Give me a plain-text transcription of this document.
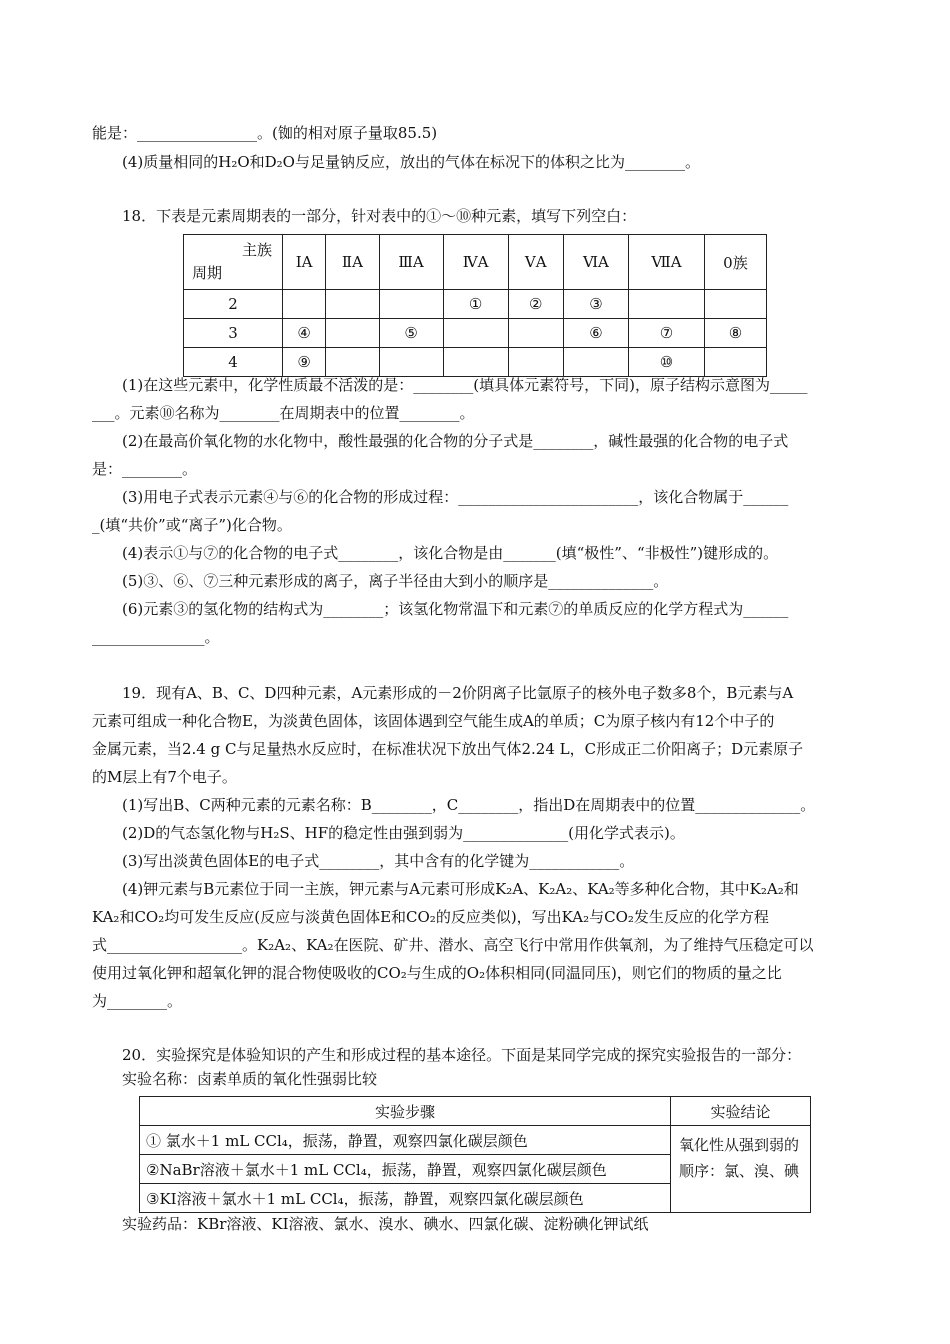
能是：________________。(铷的相对原子量取85.5)
(4)质量相同的H₂O和D₂O与足量钠反应，放出的气体在标况下的体积之比为________。
18．下表是元素周期表的一部分，针对表中的①～⑩种元素，填写下列空白：
主族
周期	ⅠA	ⅡA	ⅢA	ⅣA	ⅤA	ⅥA	ⅦA	0族
2				①	②	③		
3	④		⑤			⑥	⑦	⑧
4	⑨						⑩	
(1)在这些元素中，化学性质最不活泼的是：________(填具体元素符号，下同)，原子结构示意图为_____
___。元素⑩名称为________在周期表中的位置________。
(2)在最高价氧化物的水化物中，酸性最强的化合物的分子式是________，碱性最强的化合物的电子式
是：________。
(3)用电子式表示元素④与⑥的化合物的形成过程：________________________，该化合物属于______
_(填“共价”或“离子”)化合物。
(4)表示①与⑦的化合物的电子式________，该化合物是由_______(填“极性”、“非极性”)键形成的。
(5)③、⑥、⑦三种元素形成的离子，离子半径由大到小的顺序是______________。
(6)元素③的氢化物的结构式为________；该氢化物常温下和元素⑦的单质反应的化学方程式为______
_______________。
19．现有A、B、C、D四种元素，A元素形成的－2价阴离子比氩原子的核外电子数多8个，B元素与A
元素可组成一种化合物E，为淡黄色固体，该固体遇到空气能生成A的单质；C为原子核内有12个中子的
金属元素，当2.4 g C与足量热水反应时，在标准状况下放出气体2.24 L，C形成正二价阳离子；D元素原子
的M层上有7个电子。
(1)写出B、C两种元素的元素名称：B________，C________，指出D在周期表中的位置______________。
(2)D的气态氢化物与H₂S、HF的稳定性由强到弱为______________(用化学式表示)。
(3)写出淡黄色固体E的电子式________，其中含有的化学键为____________。
(4)钾元素与B元素位于同一主族，钾元素与A元素可形成K₂A、K₂A₂、KA₂等多种化合物，其中K₂A₂和
KA₂和CO₂均可发生反应(反应与淡黄色固体E和CO₂的反应类似)，写出KA₂与CO₂发生反应的化学方程
式__________________。K₂A₂、KA₂在医院、矿井、潜水、高空飞行中常用作供氧剂，为了维持气压稳定可以
使用过氧化钾和超氧化钾的混合物使吸收的CO₂与生成的O₂体积相同(同温同压)，则它们的物质的量之比
为________。
20．实验探究是体验知识的产生和形成过程的基本途径。下面是某同学完成的探究实验报告的一部分：
实验名称：卤素单质的氧化性强弱比较
实验步骤	实验结论
① 氯水＋1 mL CCl₄，振荡，静置，观察四氯化碳层颜色	氧化性从强到弱的顺序：氯、溴、碘
②NaBr溶液＋氯水＋1 mL CCl₄，振荡，静置，观察四氯化碳层颜色	
③KI溶液＋氯水＋1 mL CCl₄，振荡，静置，观察四氯化碳层颜色	
实验药品：KBr溶液、KI溶液、氯水、溴水、碘水、四氯化碳、淀粉碘化钾试纸
